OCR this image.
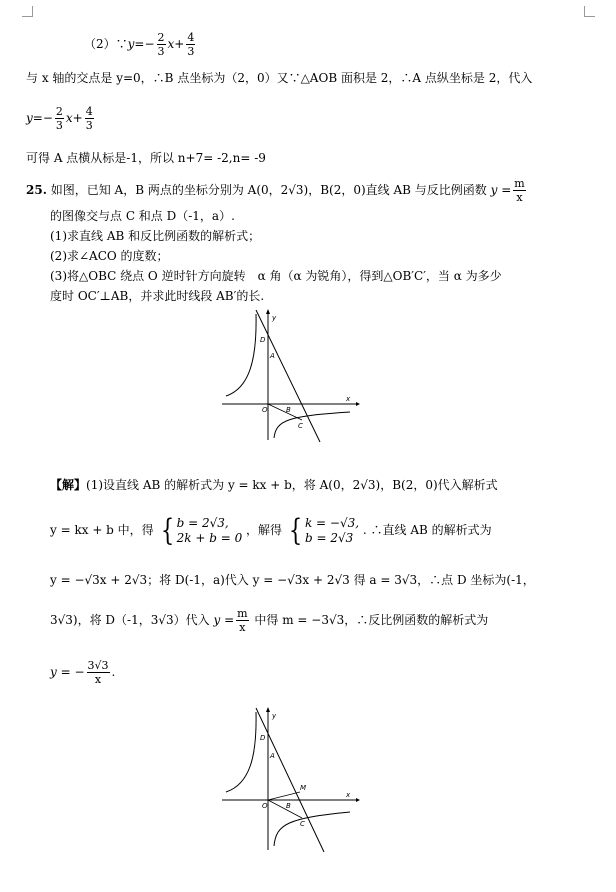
（2）∵y=− $\frac{2}{3} x+ \frac{4}{3}$
与 x 轴的交点是 y=0，∴B 点坐标为（2，0）又∵△AOB 面积是 2，∴A 点纵坐标是 2，代入
$y=- \frac{2}{3} x+ \frac{4}{3}$
可得 A 点横从标是-1，所以 n+7= -2,n= -9
25. 如图，已知 A，B 两点的坐标分别为 A(0，2√3)，B(2，0)直线 AB 与反比例函数 $y = \frac{m}{x}$
的图像交与点 C 和点 D（-1，a）.
(1)求直线 AB 和反比例函数的解析式；
(2)求∠ACO 的度数；
(3)将△OBC 绕点 O 逆时针方向旋转　α 角（α 为锐角），得到△OB′C′，当 α 为多少
度时 OC′⊥AB，并求此时线段 AB′的长.
y
x
D
A
O	B
C
【解】(1)设直线 AB 的解析式为 y = kx + b，将 A(0，2√3)，B(2，0)代入解析式
y = kx + b 中，得 { b = 2√3,
2k + b = 0
，解得 { k = −√3,
b = 2√3
. ∴直线 AB 的解析式为
y = −√3x + 2√3；将 D(-1，a)代入 y = −√3x + 2√3 得 a = 3√3，∴点 D 坐标为(-1，
3√3)，将 D（-1，3√3）代入 $y = \frac{m}{x}$ 中得 m = −3√3，∴反比例函数的解析式为
y = − $\frac{3√3}{x}$ .
y
x
D
A
O	B
M
C
